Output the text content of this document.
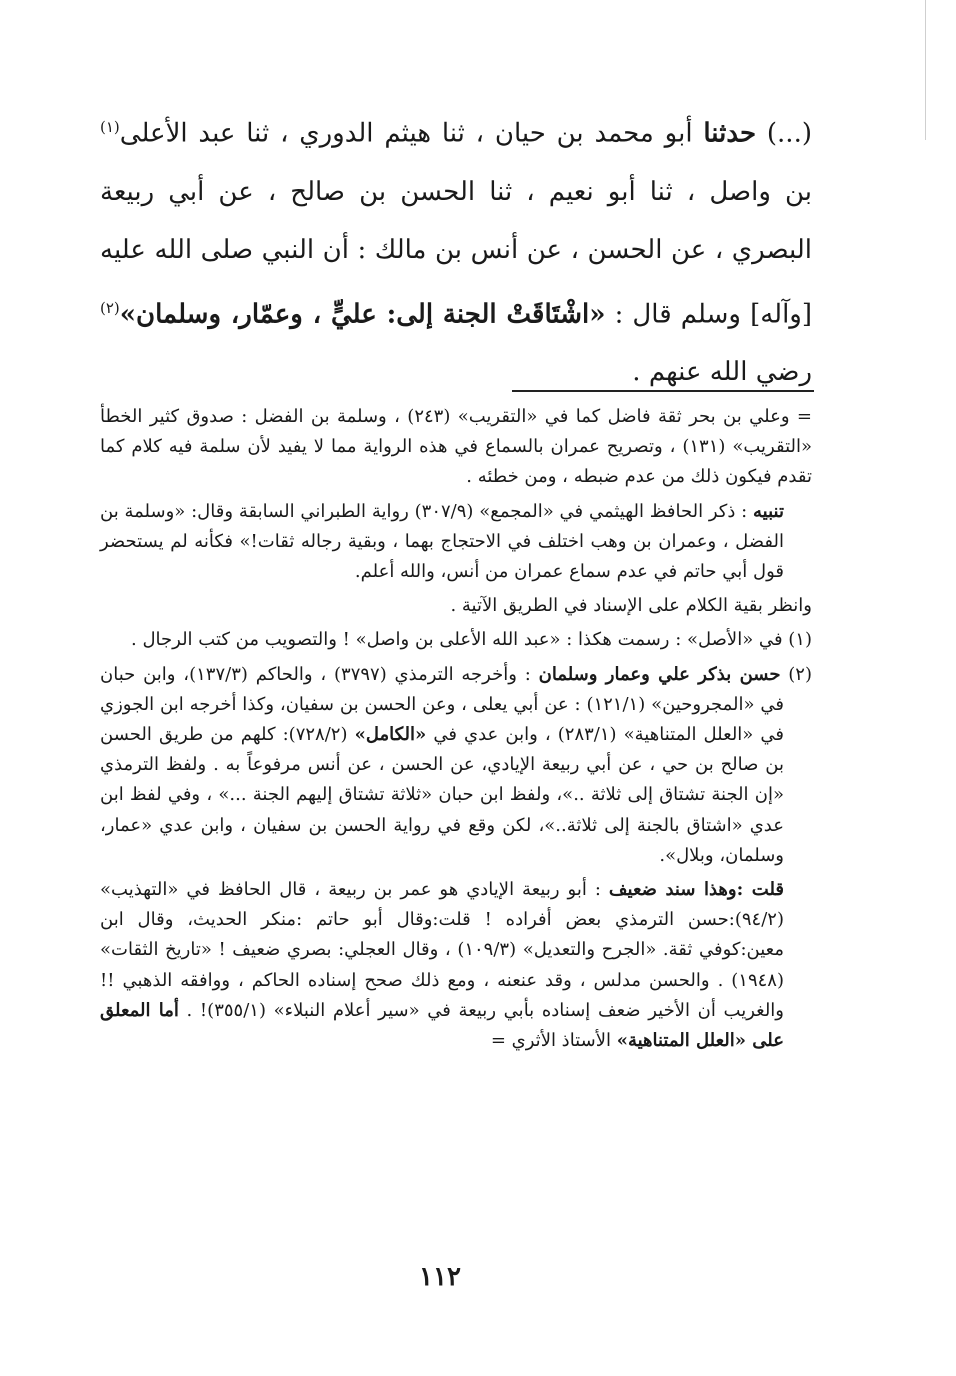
(...) حدثنا أبو محمد بن حيان ، ثنا هيثم الدوري ، ثنا عبد الأعلى$^{(١)}$ بن واصل ، ثنا أبو نعيم ، ثنا الحسن بن صالح ، عن أبي ربيعة البصري ، عن الحسن ، عن أنس بن مالك : أن النبي صلى الله عليه [وآله] وسلم قال : «اشْتَاقَتْ الجنة إلى: عليٍّ ، وعمّار، وسلمان»$^{(٢)}$ رضي الله عنهم .

= وعلي بن بحر ثقة فاضل كما في «التقريب» (٢٤٣) ، وسلمة بن الفضل : صدوق كثير الخطأ «التقريب» (١٣١) ، وتصريح عمران بالسماع في هذه الرواية مما لا يفيد لأن سلمة فيه كلام كما تقدم فيكون ذلك من عدم ضبطه ، ومن خطئه .

تنبيه : ذكر الحافظ الهيثمي في «المجمع» (٣٠٧/٩) رواية الطبراني السابقة وقال: «وسلمة بن الفضل ، وعمران بن وهب اختلف في الاحتجاج بهما ، وبقية رجاله ثقات!» فكأنه لم يستحضر قول أبي حاتم في عدم سماع عمران من أنس، والله أعلم.

وانظر بقية الكلام على الإسناد في الطريق الآتية .

(١) في «الأصل» : رسمت هكذا : «عبد الله الأعلى بن واصل» ! والتصويب من كتب الرجال .

(٢) حسن بذكر علي وعمار وسلمان : وأخرجه الترمذي (٣٧٩٧) ، والحاكم (١٣٧/٣)، وابن حبان في «المجروحين» (١٢١/١) : عن أبي يعلى ، وعن الحسن بن سفيان، وكذا أخرجه ابن الجوزي في «العلل المتناهية» (٢٨٣/١) ، وابن عدي في «الكامل» (٧٢٨/٢): كلهم من طريق الحسن بن صالح بن حي ، عن أبي ربيعة الإيادي، عن الحسن ، عن أنس مرفوعاً به . ولفظ الترمذي «إن الجنة تشتاق إلى ثلاثة ..»، ولفظ ابن حبان «ثلاثة تشتاق إليهم الجنة ...» ، وفي لفظ ابن عدي «اشتاق بالجنة إلى ثلاثة..»، لكن وقع في رواية الحسن بن سفيان ، وابن عدي «عمار، وسلمان، وبلال».

قلت :وهذا سند ضعيف : أبو ربيعة الإيادي هو عمر بن ربيعة ، قال الحافظ في «التهذيب» (٩٤/٢):حسن الترمذي بعض أفراده ! قلت:وقال أبو حاتم :منكر الحديث، وقال ابن معين:كوفي ثقة. «الجرح والتعديل» (١٠٩/٣) ، وقال العجلي: بصري ضعيف ! «تاريخ الثقات» (١٩٤٨) . والحسن مدلس ، وقد عنعنه ، ومع ذلك صحح إسناده الحاكم ، ووافقه الذهبي !! والغريب أن الأخير ضعف إسناده بأبي ربيعة في «سير أعلام النبلاء» (٣٥٥/١)! . أما المعلق على «العلل المتناهية» الأستاذ الأثري =

١١٢
